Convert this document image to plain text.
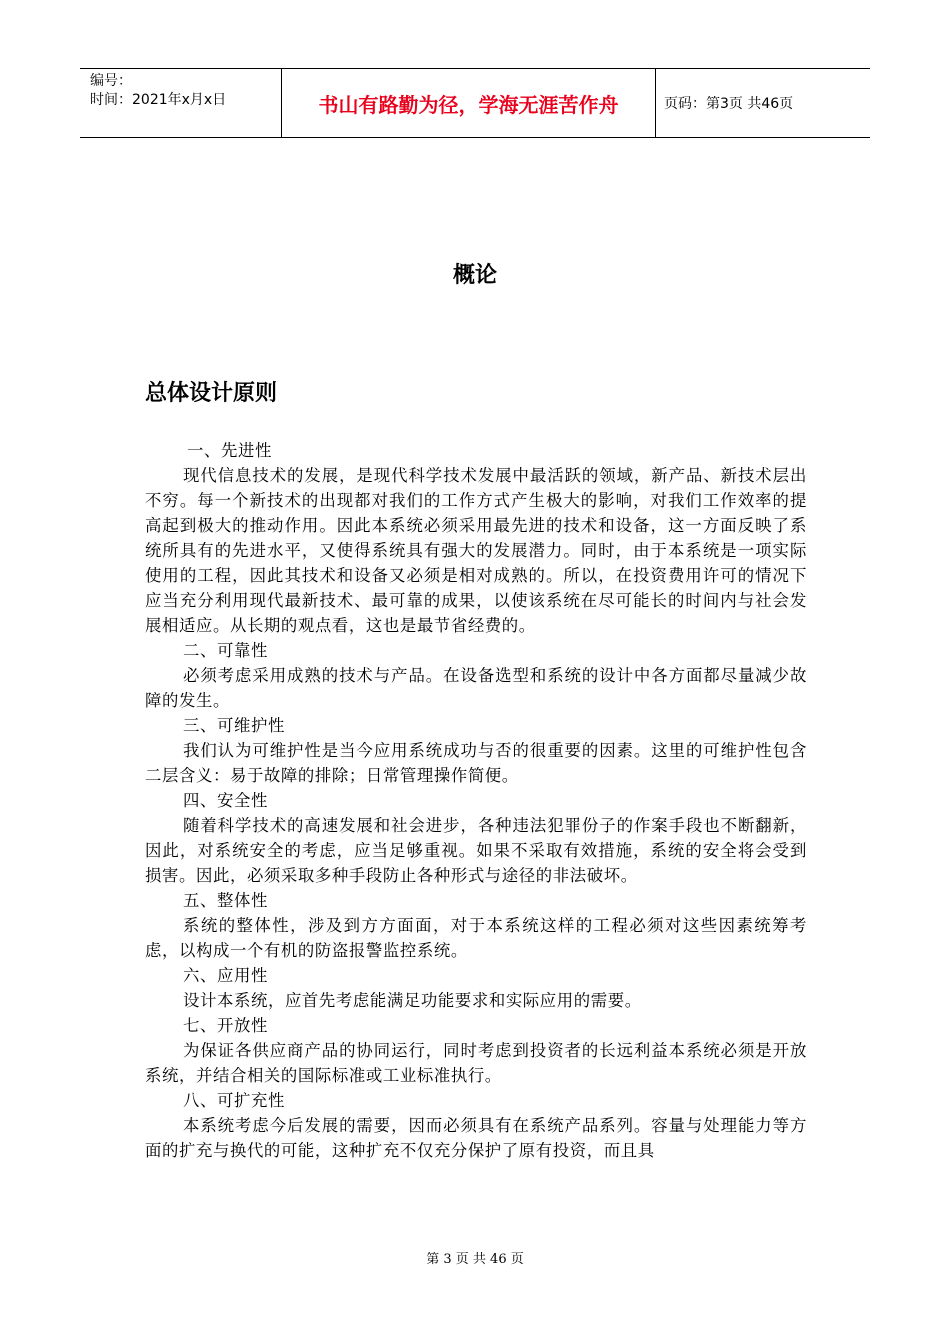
编号：
时间：2021年x月x日	书山有路勤为径，学海无涯苦作舟	页码：第3页 共46页
概论
总体设计原则

一、先进性

现代信息技术的发展，是现代科学技术发展中最活跃的领域，新产品、新技术层出不穷。每一个新技术的出现都对我们的工作方式产生极大的影响，对我们工作效率的提高起到极大的推动作用。因此本系统必须采用最先进的技术和设备，这一方面反映了系统所具有的先进水平，又使得系统具有强大的发展潜力。同时，由于本系统是一项实际使用的工程，因此其技术和设备又必须是相对成熟的。所以，在投资费用许可的情况下应当充分利用现代最新技术、最可靠的成果，以使该系统在尽可能长的时间内与社会发展相适应。从长期的观点看，这也是最节省经费的。

二、可靠性

必须考虑采用成熟的技术与产品。在设备选型和系统的设计中各方面都尽量减少故障的发生。

三、可维护性

我们认为可维护性是当今应用系统成功与否的很重要的因素。这里的可维护性包含二层含义：易于故障的排除；日常管理操作简便。

四、安全性

随着科学技术的高速发展和社会进步，各种违法犯罪份子的作案手段也不断翻新，因此，对系统安全的考虑，应当足够重视。如果不采取有效措施，系统的安全将会受到损害。因此，必须采取多种手段防止各种形式与途径的非法破坏。

五、整体性

系统的整体性，涉及到方方面面，对于本系统这样的工程必须对这些因素统筹考虑，以构成一个有机的防盗报警监控系统。

六、应用性

设计本系统，应首先考虑能满足功能要求和实际应用的需要。

七、开放性

为保证各供应商产品的协同运行，同时考虑到投资者的长远利益本系统必须是开放系统，并结合相关的国际标准或工业标准执行。

八、可扩充性

本系统考虑今后发展的需要，因而必须具有在系统产品系列。容量与处理能力等方面的扩充与换代的可能，这种扩充不仅充分保护了原有投资，而且具

第 3 页 共 46 页
